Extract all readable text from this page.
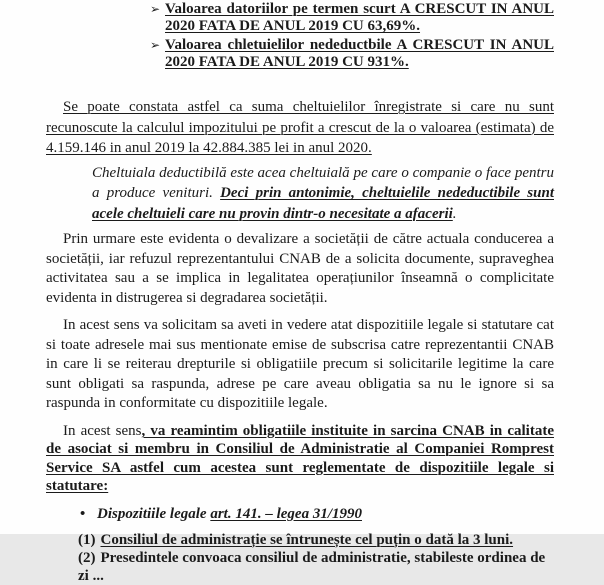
➢ Valoarea datoriilor pe termen scurt A CRESCUT IN ANUL 2020 FATA DE ANUL 2019 CU 63,69%.
➢ Valoarea chletuielilor nedeductbile A CRESCUT IN ANUL 2020 FATA DE ANUL 2019 CU 931%.

Se poate constata astfel ca suma cheltuielilor înregistrate si care nu sunt recunoscute la calculul impozitului pe profit a crescut de la o valoarea (estimata) de 4.159.146 in anul 2019 la 42.884.385 lei in anul 2020.

Cheltuiala deductibilă este acea cheltuială pe care o companie o face pentru a produce venituri. Deci prin antonimie, cheltuielile nedeductibile sunt acele cheltuieli care nu provin dintr-o necesitate a afacerii.

Prin urmare este evidenta o devalizare a societății de către actuala conducerea a societății, iar refuzul reprezentantului CNAB de a solicita documente, supraveghea activitatea sau a se implica in legalitatea operațiunilor înseamnă o complicitate evidenta in distrugerea si degradarea societății.

In acest sens va solicitam sa aveti in vedere atat dispozitiile legale si statutare cat si toate adresele mai sus mentionate emise de subscrisa catre reprezentantii CNAB in care li se reiterau drepturile si obligatiile precum si solicitarile legitime la care sunt obligati sa raspunda, adrese pe care aveau obligatia sa nu le ignore si sa raspunda in conformitate cu dispozitiile legale.

In acest sens, va reamintim obligatiile instituite in sarcina CNAB in calitate de asociat si membru in Consiliul de Administratie al Companiei Romprest Service SA astfel cum acestea sunt reglementate de dispozitiile legale si statutare:

• Dispozitiile legale art. 141. – legea 31/1990
(1) Consiliul de administrație se întrunește cel puțin o dată la 3 luni.
(2) Presedintele convoaca consiliul de administratie, stabileste ordinea de zi ...
